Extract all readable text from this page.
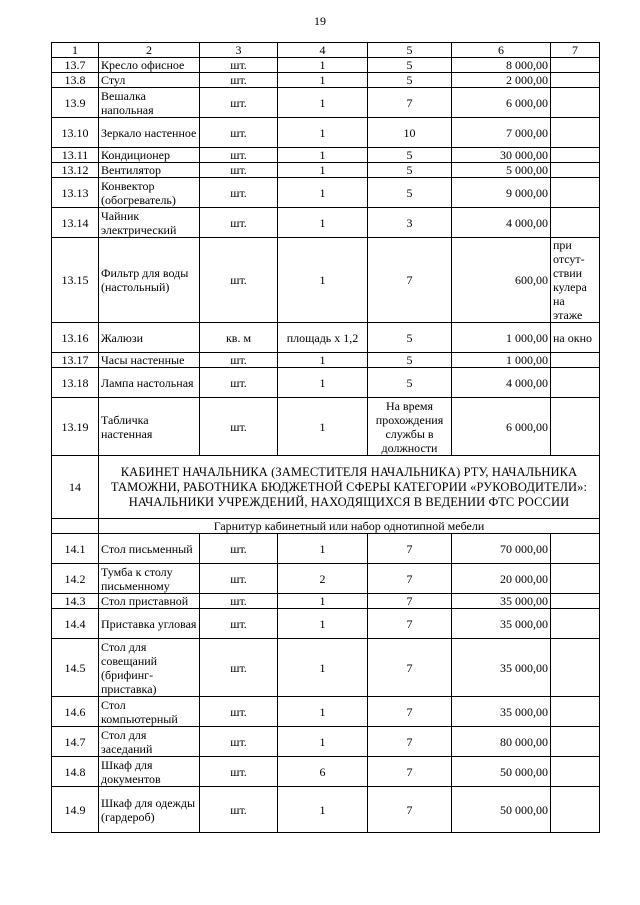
19
1	2	3	4	5	6	7
13.7	Кресло офисное	шт.	1	5	8 000,00	
13.8	Стул	шт.	1	5	2 000,00	
13.9	Вешалка напольная	шт.	1	7	6 000,00	
13.10	Зеркало настенное	шт.	1	10	7 000,00	
13.11	Кондиционер	шт.	1	5	30 000,00	
13.12	Вентилятор	шт.	1	5	5 000,00	
13.13	Конвектор (обогреватель)	шт.	1	5	9 000,00	
13.14	Чайник электрический	шт.	1	3	4 000,00	
13.15	Фильтр для воды (настольный)	шт.	1	7	600,00	при отсут-ствии кулера на этаже
13.16	Жалюзи	кв. м	площадь х 1,2	5	1 000,00	на окно
13.17	Часы настенные	шт.	1	5	1 000,00	
13.18	Лампа настольная	шт.	1	5	4 000,00	
13.19	Табличка настенная	шт.	1	На время прохождения службы в должности	6 000,00	
14	КАБИНЕТ НАЧАЛЬНИКА (ЗАМЕСТИТЕЛЯ НАЧАЛЬНИКА) РТУ, НАЧАЛЬНИКА ТАМОЖНИ, РАБОТНИКА БЮДЖЕТНОЙ СФЕРЫ КАТЕГОРИИ «РУКОВОДИТЕЛИ»: НАЧАЛЬНИКИ УЧРЕЖДЕНИЙ, НАХОДЯЩИХСЯ В ВЕДЕНИИ ФТС РОССИИ					
	Гарнитур кабинетный или набор однотипной мебели					
14.1	Стол письменный	шт.	1	7	70 000,00	
14.2	Тумба к столу письменному	шт.	2	7	20 000,00	
14.3	Стол приставной	шт.	1	7	35 000,00	
14.4	Приставка угловая	шт.	1	7	35 000,00	
14.5	Стол для совещаний (брифинг-приставка)	шт.	1	7	35 000,00	
14.6	Стол компьютерный	шт.	1	7	35 000,00	
14.7	Стол для заседаний	шт.	1	7	80 000,00	
14.8	Шкаф для документов	шт.	6	7	50 000,00	
14.9	Шкаф для одежды (гардероб)	шт.	1	7	50 000,00	
